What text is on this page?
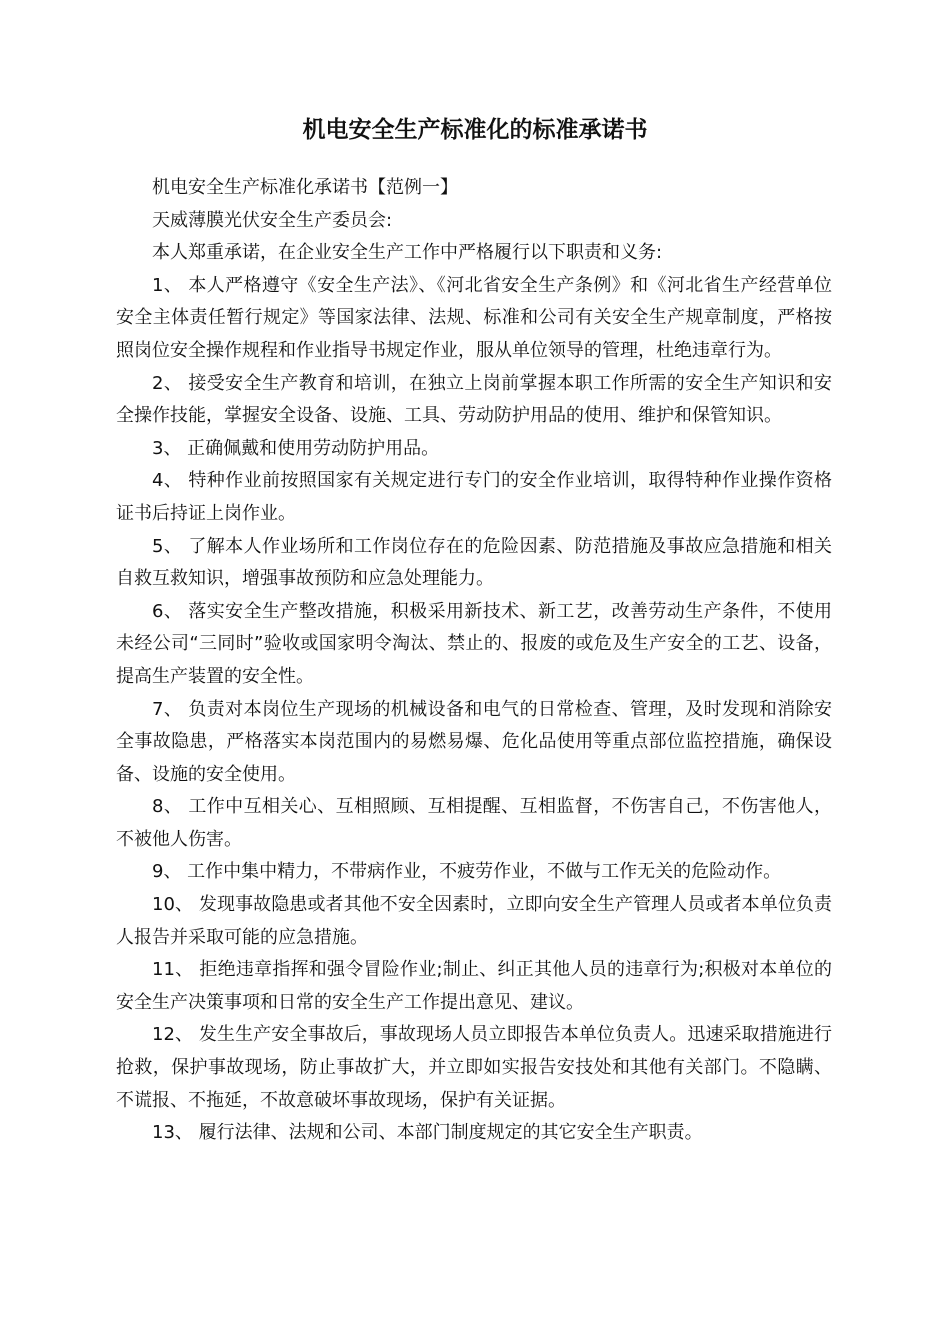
机电安全生产标准化的标准承诺书

机电安全生产标准化承诺书【范例一】

天威薄膜光伏安全生产委员会:

本人郑重承诺，在企业安全生产工作中严格履行以下职责和义务:

1、 本人严格遵守《安全生产法》、《河北省安全生产条例》和《河北省生产经营单位安全主体责任暂行规定》等国家法律、法规、标准和公司有关安全生产规章制度，严格按照岗位安全操作规程和作业指导书规定作业，服从单位领导的管理，杜绝违章行为。

2、 接受安全生产教育和培训，在独立上岗前掌握本职工作所需的安全生产知识和安全操作技能，掌握安全设备、设施、工具、劳动防护用品的使用、维护和保管知识。

3、 正确佩戴和使用劳动防护用品。

4、 特种作业前按照国家有关规定进行专门的安全作业培训，取得特种作业操作资格证书后持证上岗作业。

5、 了解本人作业场所和工作岗位存在的危险因素、防范措施及事故应急措施和相关自救互救知识，增强事故预防和应急处理能力。

6、 落实安全生产整改措施，积极采用新技术、新工艺，改善劳动生产条件，不使用未经公司“三同时”验收或国家明令淘汰、禁止的、报废的或危及生产安全的工艺、设备，提高生产装置的安全性。

7、 负责对本岗位生产现场的机械设备和电气的日常检查、管理，及时发现和消除安全事故隐患，严格落实本岗范围内的易燃易爆、危化品使用等重点部位监控措施，确保设备、设施的安全使用。

8、 工作中互相关心、互相照顾、互相提醒、互相监督，不伤害自己，不伤害他人，不被他人伤害。

9、 工作中集中精力，不带病作业，不疲劳作业，不做与工作无关的危险动作。

10、 发现事故隐患或者其他不安全因素时，立即向安全生产管理人员或者本单位负责人报告并采取可能的应急措施。

11、 拒绝违章指挥和强令冒险作业;制止、纠正其他人员的违章行为;积极对本单位的安全生产决策事项和日常的安全生产工作提出意见、建议。

12、 发生生产安全事故后，事故现场人员立即报告本单位负责人。迅速采取措施进行抢救，保护事故现场，防止事故扩大，并立即如实报告安技处和其他有关部门。不隐瞒、不谎报、不拖延，不故意破坏事故现场，保护有关证据。

13、 履行法律、法规和公司、本部门制度规定的其它安全生产职责。
